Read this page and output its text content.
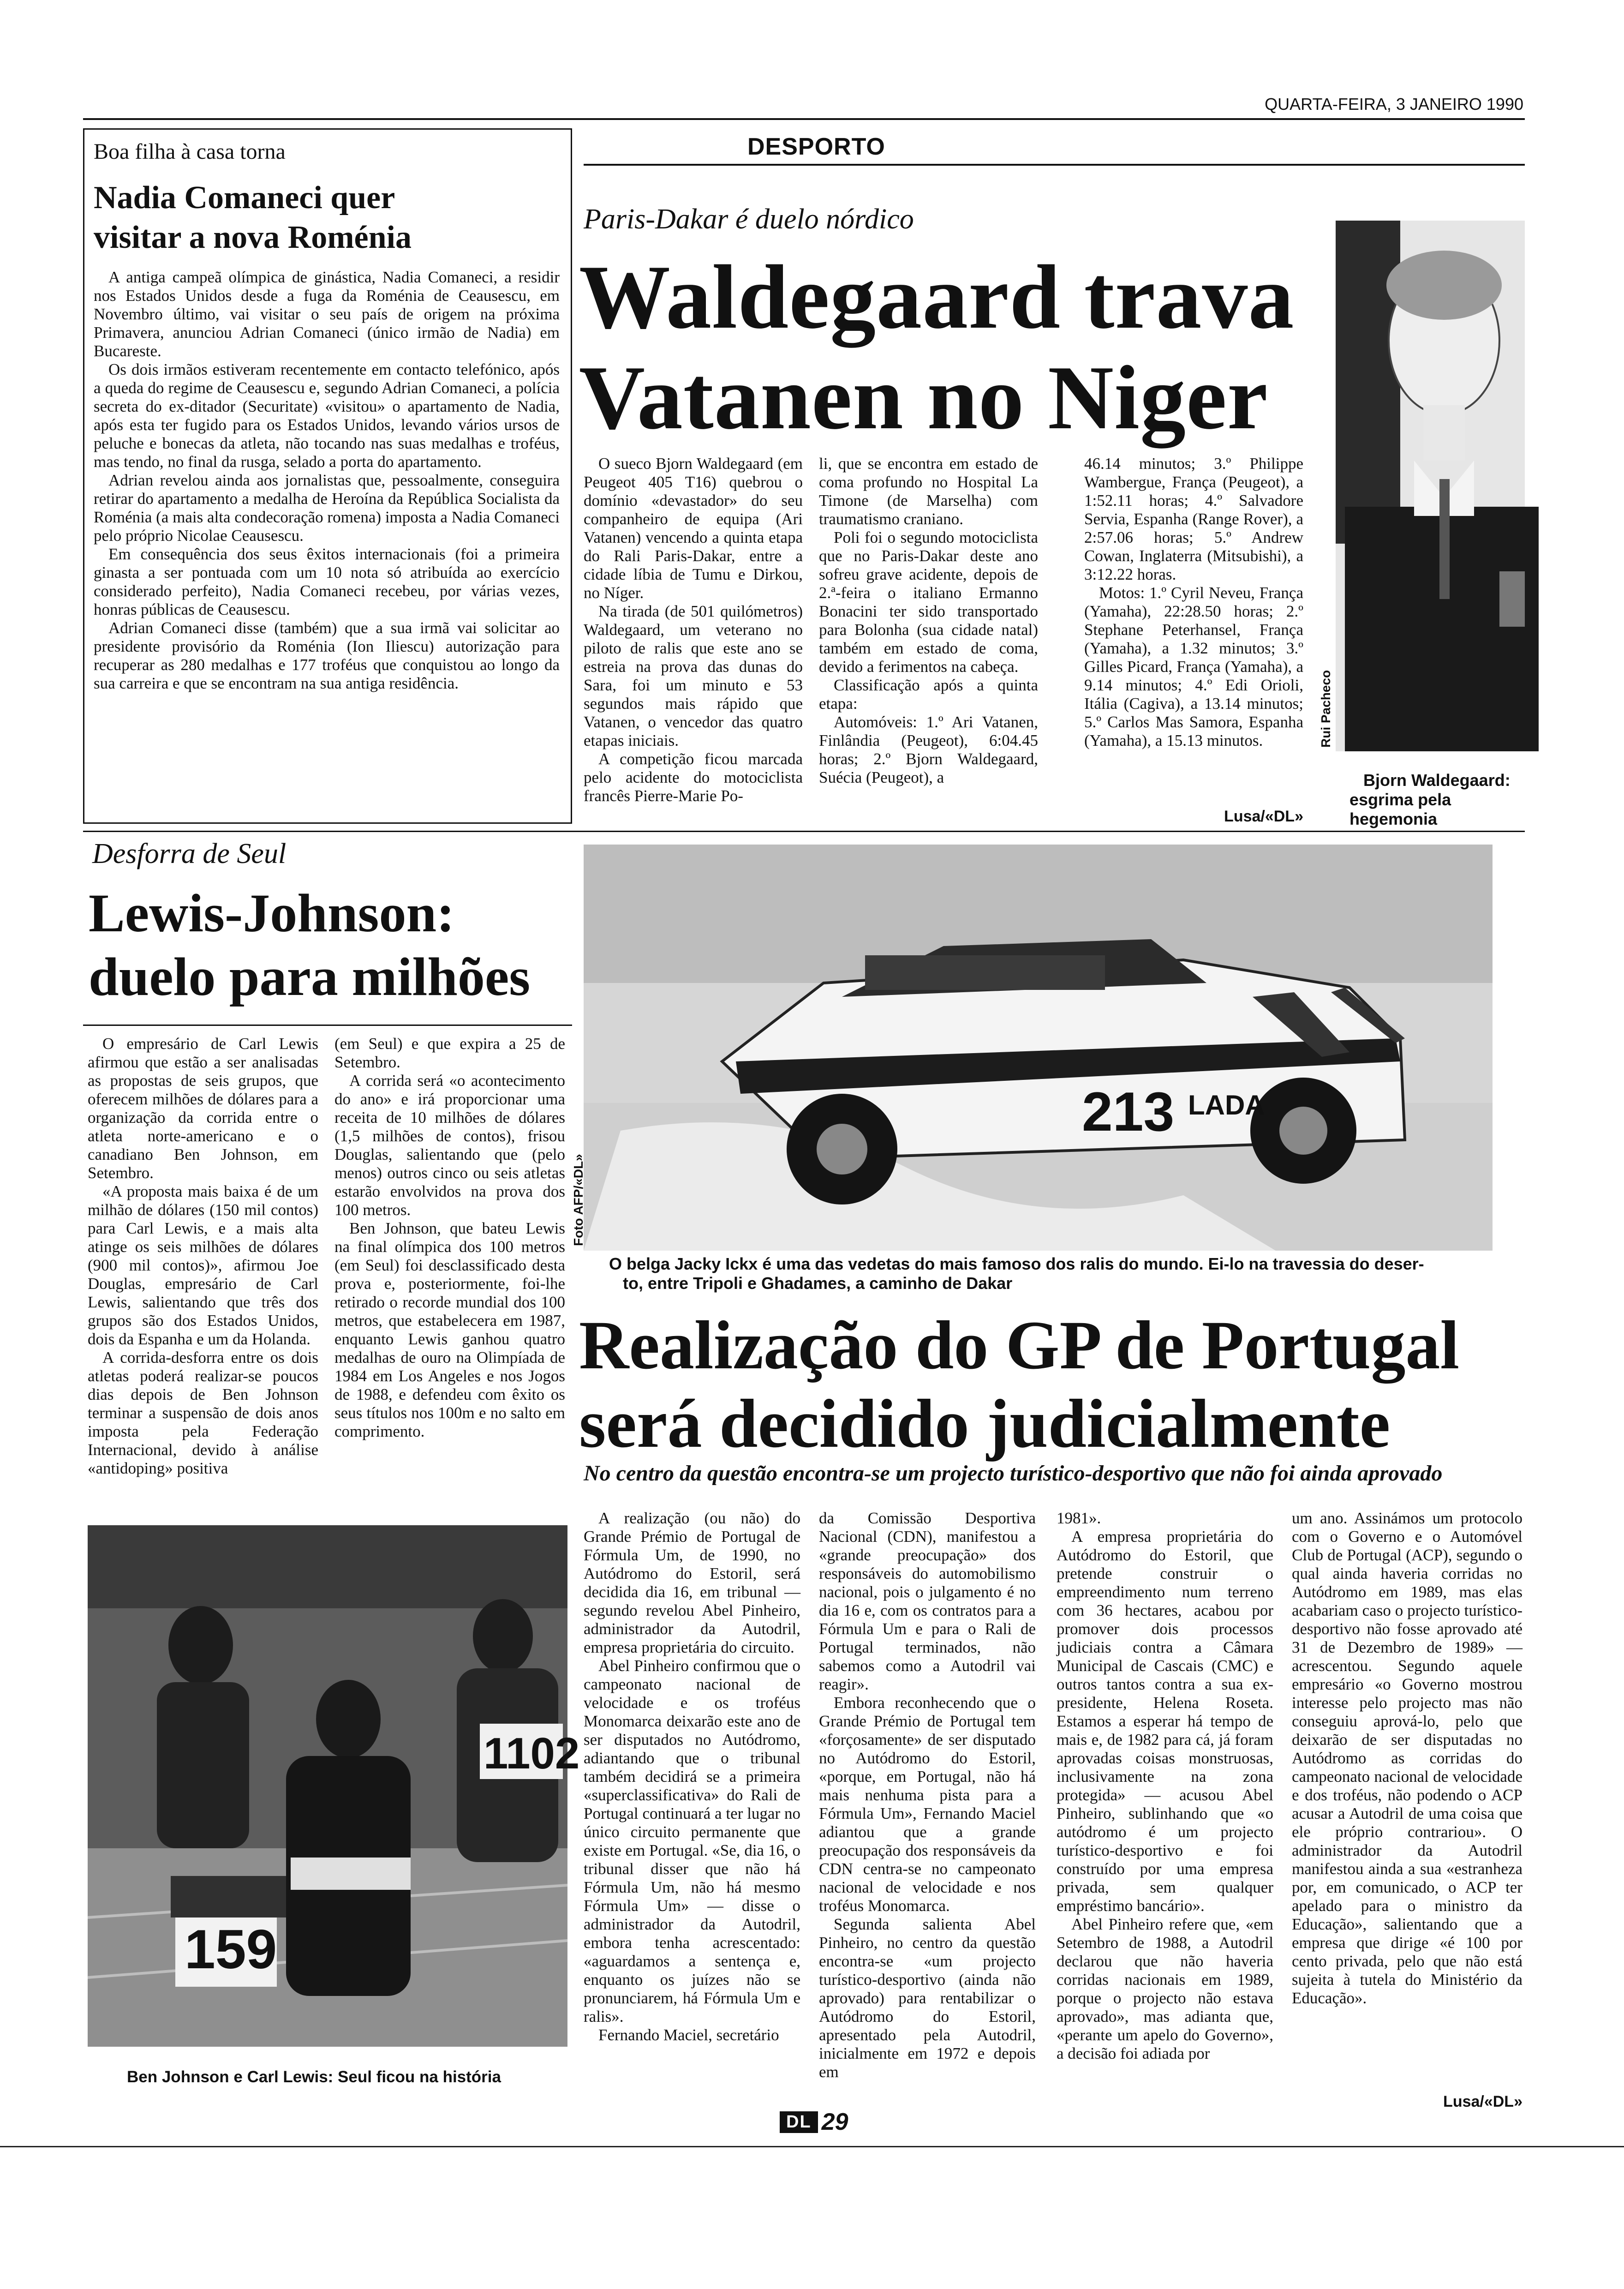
QUARTA-FEIRA, 3 JANEIRO 1990
Boa filha à casa torna
Nadia Comaneci quer
visitar a nova Roménia

A antiga campeã olímpica de ginástica, Nadia Comaneci, a residir nos Estados Unidos desde a fuga da Roménia de Ceausescu, em Novembro último, vai visitar o seu país de origem na próxima Primavera, anunciou Adrian Comaneci (único irmão de Nadia) em Bucareste.

Os dois irmãos estiveram recentemente em contacto telefónico, após a queda do regime de Ceausescu e, segundo Adrian Comaneci, a polícia secreta do ex-ditador (Securitate) «visitou» o apartamento de Nadia, após esta ter fugido para os Estados Unidos, levando vários ursos de peluche e bonecas da atleta, não tocando nas suas medalhas e troféus, mas tendo, no final da rusga, selado a porta do apartamento.

Adrian revelou ainda aos jornalistas que, pessoalmente, conseguira retirar do apartamento a medalha de Heroína da República Socialista da Roménia (a mais alta condecoração romena) imposta a Nadia Comaneci pelo próprio Nicolae Ceausescu.

Em consequência dos seus êxitos internacionais (foi a primeira ginasta a ser pontuada com um 10 nota só atribuída ao exercício considerado perfeito), Nadia Comaneci recebeu, por várias vezes, honras públicas de Ceausescu.

Adrian Comaneci disse (também) que a sua irmã vai solicitar ao presidente provisório da Roménia (Ion Iliescu) autorização para recuperar as 280 medalhas e 177 troféus que conquistou ao longo da sua carreira e que se encontram na sua antiga residência.

DESPORTO
Paris-Dakar é duelo nórdico
Waldegaard trava
Vatanen no Niger

O sueco Bjorn Waldegaard (em Peugeot 405 T16) quebrou o domínio «devastador» do seu companheiro de equipa (Ari Vatanen) vencendo a quinta etapa do Rali Paris-Dakar, entre a cidade líbia de Tumu e Dirkou, no Níger.

Na tirada (de 501 quilómetros) Waldegaard, um veterano no piloto de ralis que este ano se estreia na prova das dunas do Sara, foi um minuto e 53 segundos mais rápido que Vatanen, o vencedor das quatro etapas iniciais.

A competição ficou marcada pelo acidente do motociclista francês Pierre-Marie Po-

li, que se encontra em estado de coma profundo no Hospital La Timone (de Marselha) com traumatismo craniano.

Poli foi o segundo motociclista que no Paris-Dakar deste ano sofreu grave acidente, depois de 2.ª-feira o italiano Ermanno Bonacini ter sido transportado para Bolonha (sua cidade natal) também em estado de coma, devido a ferimentos na cabeça.

Classificação após a quinta etapa:

Automóveis: 1.º Ari Vatanen, Finlândia (Peugeot), 6:04.45 horas; 2.º Bjorn Waldegaard, Suécia (Peugeot), a

46.14 minutos; 3.º Philippe Wambergue, França (Peugeot), a 1:52.11 horas; 4.º Salvadore Servia, Espanha (Range Rover), a 2:57.06 horas; 5.º Andrew Cowan, Inglaterra (Mitsubishi), a 3:12.22 horas.

Motos: 1.º Cyril Neveu, França (Yamaha), 22:28.50 horas; 2.º Stephane Peterhansel, França (Yamaha), a 1.32 minutos; 3.º Gilles Picard, França (Yamaha), a 9.14 minutos; 4.º Edi Orioli, Itália (Cagiva), a 13.14 minutos; 5.º Carlos Mas Samora, Espanha (Yamaha), a 15.13 minutos.

Lusa/«DL»
Rui Pacheco
Bjorn Waldegaard:
esgrima pela hegemonia
Desforra de Seul
Lewis-Johnson:
duelo para milhões

O empresário de Carl Lewis afirmou que estão a ser analisadas as propostas de seis grupos, que oferecem milhões de dólares para a organização da corrida entre o atleta norte-americano e o canadiano Ben Johnson, em Setembro.

«A proposta mais baixa é de um milhão de dólares (150 mil contos) para Carl Lewis, e a mais alta atinge os seis milhões de dólares (900 mil contos)», afirmou Joe Douglas, empresário de Carl Lewis, salientando que três dos grupos são dos Estados Unidos, dois da Espanha e um da Holanda.

A corrida-desforra entre os dois atletas poderá realizar-se poucos dias depois de Ben Johnson terminar a suspensão de dois anos imposta pela Federação Internacional, devido à análise «antidoping» positiva

(em Seul) e que expira a 25 de Setembro.

A corrida será «o acontecimento do ano» e irá proporcionar uma receita de 10 milhões de dólares (1,5 milhões de contos), frisou Douglas, salientando que (pelo menos) outros cinco ou seis atletas estarão envolvidos na prova dos 100 metros.

Ben Johnson, que bateu Lewis na final olímpica dos 100 metros (em Seul) foi desclassificado desta prova e, posteriormente, foi-lhe retirado o recorde mundial dos 100 metros, que estabelecera em 1987, enquanto Lewis ganhou quatro medalhas de ouro na Olimpíada de 1984 em Los Angeles e nos Jogos de 1988, e defendeu com êxito os seus títulos nos 100m e no salto em comprimento.

159
1102
Ben Johnson e Carl Lewis: Seul ficou na história
213 LADA
Foto AFP/«DL»
O belga Jacky Ickx é uma das vedetas do mais famoso dos ralis do mundo. Ei-lo na travessia do deser-
to, entre Tripoli e Ghadames, a caminho de Dakar
Realização do GP de Portugal
será decidido judicialmente
No centro da questão encontra-se um projecto turístico-desportivo que não foi ainda aprovado

A realização (ou não) do Grande Prémio de Portugal de Fórmula Um, de 1990, no Autódromo do Estoril, será decidida dia 16, em tribunal — segundo revelou Abel Pinheiro, administrador da Autodril, empresa proprietária do circuito.

Abel Pinheiro confirmou que o campeonato nacional de velocidade e os troféus Monomarca deixarão este ano de ser disputados no Autódromo, adiantando que o tribunal também decidirá se a primeira «superclassificativa» do Rali de Portugal continuará a ter lugar no único circuito permanente que existe em Portugal. «Se, dia 16, o tribunal disser que não há Fórmula Um, não há mesmo Fórmula Um» — disse o administrador da Autodril, embora tenha acrescentado: «aguardamos a sentença e, enquanto os juízes não se pronunciarem, há Fórmula Um e ralis».

Fernando Maciel, secretário

da Comissão Desportiva Nacional (CDN), manifestou a «grande preocupação» dos responsáveis do automobilismo nacional, pois o julgamento é no dia 16 e, com os contratos para a Fórmula Um e para o Rali de Portugal terminados, não sabemos como a Autodril vai reagir».

Embora reconhecendo que o Grande Prémio de Portugal tem «forçosamente» de ser disputado no Autódromo do Estoril, «porque, em Portugal, não há mais nenhuma pista para a Fórmula Um», Fernando Maciel adiantou que a grande preocupação dos responsáveis da CDN centra-se no campeonato nacional de velocidade e nos troféus Monomarca.

Segunda salienta Abel Pinheiro, no centro da questão encontra-se «um projecto turístico-desportivo (ainda não aprovado) para rentabilizar o Autódromo do Estoril, apresentado pela Autodril, inicialmente em 1972 e depois em

1981».

A empresa proprietária do Autódromo do Estoril, que pretende construir o empreendimento num terreno com 36 hectares, acabou por promover dois processos judiciais contra a Câmara Municipal de Cascais (CMC) e outros tantos contra a sua ex-presidente, Helena Roseta. Estamos a esperar há tempo de mais e, de 1982 para cá, já foram aprovadas coisas monstruosas, inclusivamente na zona protegida» — acusou Abel Pinheiro, sublinhando que «o autódromo é um projecto turístico-desportivo e foi construído por uma empresa privada, sem qualquer empréstimo bancário».

Abel Pinheiro refere que, «em Setembro de 1988, a Autodril declarou que não haveria corridas nacionais em 1989, porque o projecto não estava aprovado», mas adianta que, «perante um apelo do Governo», a decisão foi adiada por

um ano. Assinámos um protocolo com o Governo e o Automóvel Club de Portugal (ACP), segundo o qual ainda haveria corridas no Autódromo em 1989, mas elas acabariam caso o projecto turístico-desportivo não fosse aprovado até 31 de Dezembro de 1989» — acrescentou. Segundo aquele empresário «o Governo mostrou interesse pelo projecto mas não conseguiu aprová-lo, pelo que deixarão de ser disputadas no Autódromo as corridas do campeonato nacional de velocidade e dos troféus, não podendo o ACP acusar a Autodril de uma coisa que ele próprio contrariou». O administrador da Autodril manifestou ainda a sua «estranheza por, em comunicado, o ACP ter apelado para o ministro da Educação», salientando que a empresa que dirige «é 100 por cento privada, pelo que não está sujeita à tutela do Ministério da Educação».

Lusa/«DL»
DL 29
